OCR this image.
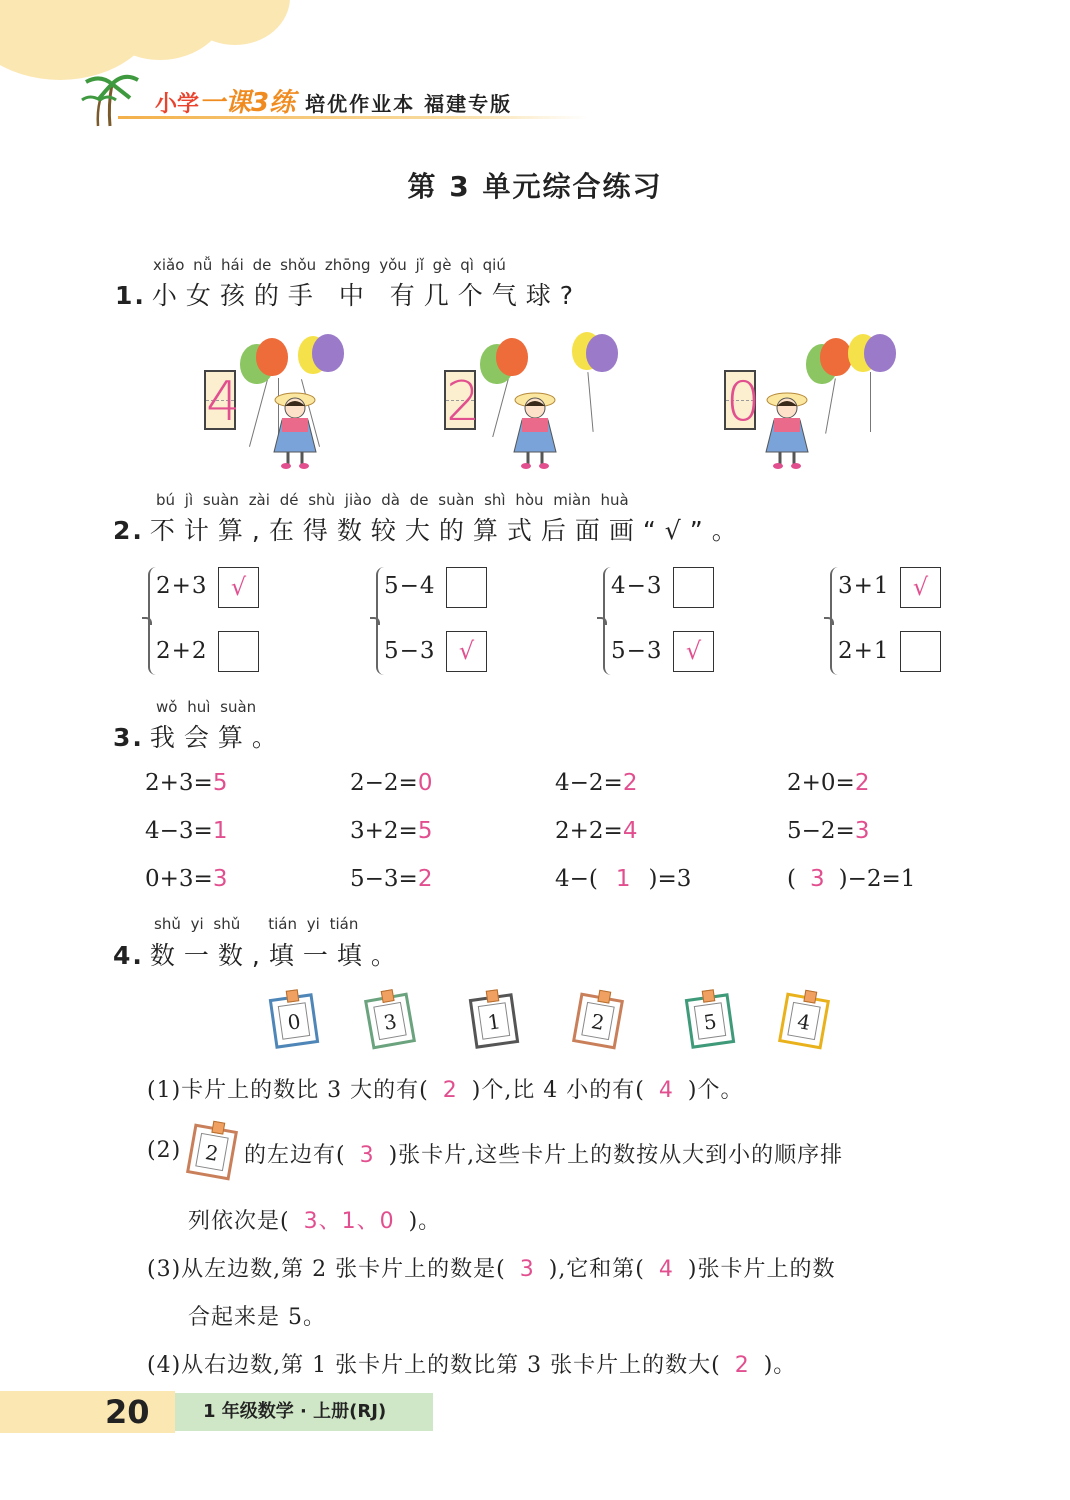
小学一课3练 培优作业本 福建专版
第 3 单元综合练习
xiǎo nǚ hái de shǒu zhōng yǒu jǐ gè qì qiú
1. 小女孩的手 中 有几个气球?
4	2	0
bú jì suàn zài dé shù jiào dà de suàn shì hòu miàn huà
2. 不计算,在得数较大的算式后面画“√”。
2+3 √
2+2
5−4
5−3 √
4−3
5−3 √
3+1 √
2+1
wǒ huì suàn
3. 我会算。
2+3=5	2−2=0	4−2=2	2+0=2
4−3=1	3+2=5	2+2=4	5−2=3
0+3=3	5−3=2	4−( 1 )=3	( 3 )−2=1
shǔ yi shǔ tián yi tián
4. 数一数,填一填。
0	3	1	2	5	4
(1)卡片上的数比 3 大的有( 2 )个,比 4 小的有( 4 )个。
(2)	2	的左边有( 3 )张卡片,这些卡片上的数按从大到小的顺序排
列依次是( 3、1、0 )。
(3)从左边数,第 2 张卡片上的数是( 3 ),它和第( 4 )张卡片上的数
合起来是 5。
(4)从右边数,第 1 张卡片上的数比第 3 张卡片上的数大( 2 )。
20	1 年级数学 · 上册(RJ)
